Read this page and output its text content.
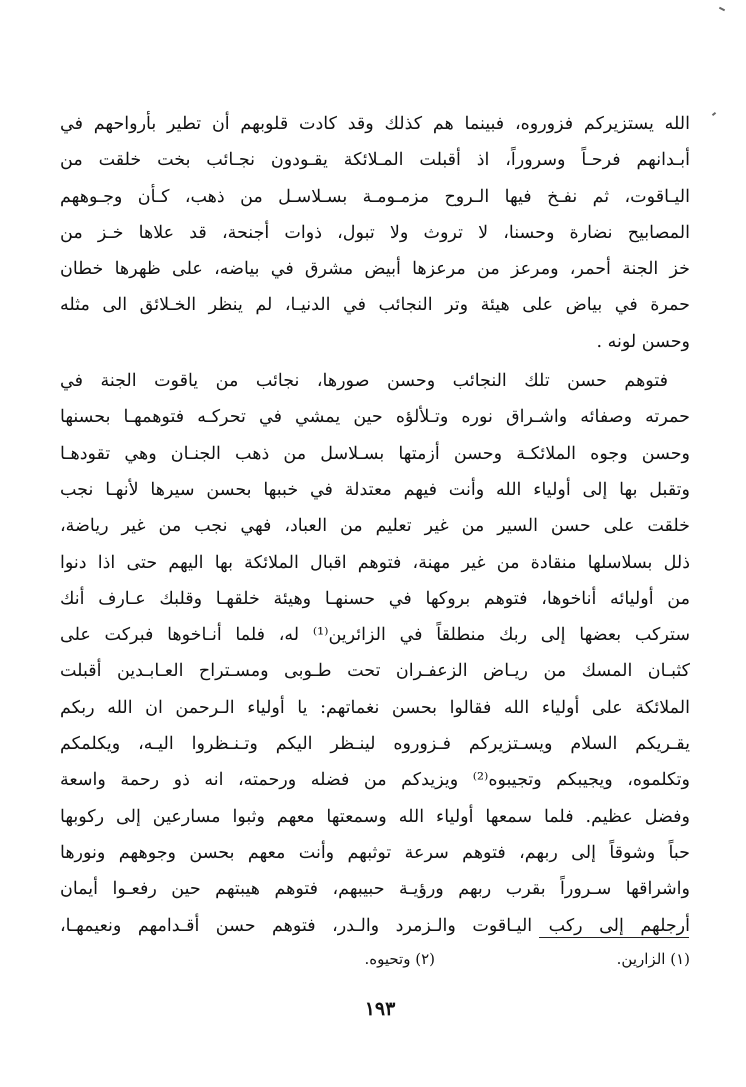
الله يستزيركم فزوروه، فبينما هم كذلك وقد كادت قلوبهم أن تطير بأرواحهم في
أبـدانهم فرحـاً وسروراً، اذ أقبلت المـلائكة يقـودون نجـائب بخت خلقت من
اليـاقوت، ثم نفـخ فيها الـروح مزمـومـة بسـلاسـل من ذهب، كـأن وجـوههم
المصابيح نضارة وحسنا، لا تروث ولا تبول، ذوات أجنحة، قد علاها خـز من
خز الجنة أحمر، ومرعز من مرعزها أبيض مشرق في بياضه، على ظهرها خطان
حمرة في بياض على هيئة وتر النجائب في الدنيـا، لم ينظر الخـلائق الى مثله
وحسن لونه .
فتوهم حسن تلك النجائب وحسن صورها، نجائب من ياقوت الجنة في
حمرته وصفائه واشـراق نوره وتـلألؤه حين يمشي في تحركـه فتوهمهـا بحسنها
وحسن وجوه الملائكـة وحسن أزمتها بسـلاسل من ذهب الجنـان وهي تقودهـا
وتقبل بها إلى أولياء الله وأنت فيهم معتدلة في خببها بحسن سيرها لأنهـا نجب
خلقت على حسن السير من غير تعليم من العباد، فهي نجب من غير رياضة،
ذلل بسلاسلها منقادة من غير مهنة، فتوهم اقبال الملائكة بها اليهم حتى اذا دنوا
من أوليائه أناخوها، فتوهم بروكها في حسنهـا وهيئة خلقهـا وقلبك عـارف أنك
ستركب بعضها إلى ربك منطلقاً في الزائرين⁽¹⁾ له، فلما أنـاخوها فبركت على
كثبـان المسك من ريـاض الزعفـران تحت طـوبى ومسـتراح العـابـدين أقبلت
الملائكة على أولياء الله فقالوا بحسن نغماتهم: يا أولياء الـرحمن ان الله ربكم
يقـريكم السلام ويسـتزيركم فـزوروه لينـظر اليكم وتـنـظروا اليـه، ويكلمكم
وتكلموه، ويجيبكم وتجيبوه⁽²⁾ ويزيدكم من فضله ورحمته، انه ذو رحمة واسعة
وفضل عظيم. فلما سمعها أولياء الله وسمعتها معهم وثبوا مسارعين إلى ركوبها
حباً وشوقاً إلى ربهم، فتوهم سرعة توثبهم وأنت معهم بحسن وجوههم ونورها
واشراقها سـروراً بقرب ربهم ورؤيـة حبيبهم، فتوهم هيبتهم حين رفعـوا أيمان
أرجلهم إلى ركب اليـاقوت والـزمرد والـدر، فتوهم حسن أقـدامهم ونعيمهـا،
(١) الزارين.
(٢) وتحيوه.
١٩٣
